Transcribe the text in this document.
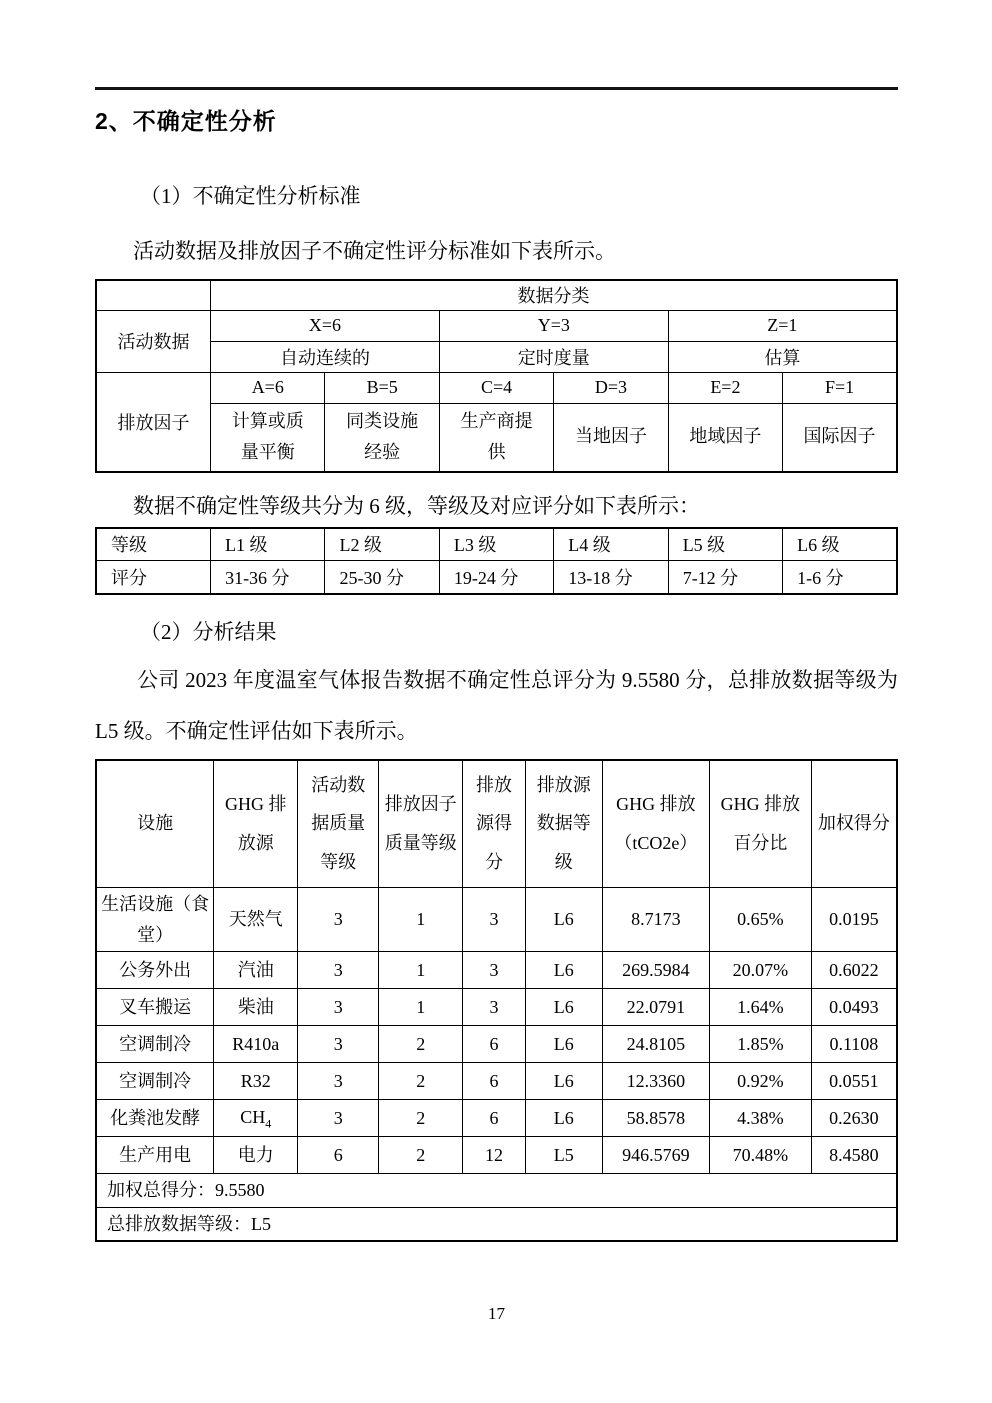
2、不确定性分析
（1）不确定性分析标准
活动数据及排放因子不确定性评分标准如下表所示。
	数据分类					
活动数据	X=6		Y=3		Z=1	
	自动连续的		定时度量		估算	
排放因子	A=6	B=5	C=4	D=3	E=2	F=1
	计算或质量平衡	同类设施经验	生产商提供	当地因子	地域因子	国际因子
数据不确定性等级共分为 6 级，等级及对应评分如下表所示：
等级	L1 级	L2 级	L3 级	L4 级	L5 级	L6 级
评分	31-36 分	25-30 分	19-24 分	13-18 分	7-12 分	1-6 分
（2）分析结果
公司 2023 年度温室气体报告数据不确定性总评分为 9.5580 分，总排放数据等级为 L5 级。不确定性评估如下表所示。
设施	GHG 排放源	活动数据质量等级	排放因子质量等级	排放源得分	排放源数据等级	GHG 排放（tCO2e）	GHG 排放百分比	加权得分
生活设施（食堂）	天然气	3	1	3	L6	8.7173	0.65%	0.0195
公务外出	汽油	3	1	3	L6	269.5984	20.07%	0.6022
叉车搬运	柴油	3	1	3	L6	22.0791	1.64%	0.0493
空调制冷	R410a	3	2	6	L6	24.8105	1.85%	0.1108
空调制冷	R32	3	2	6	L6	12.3360	0.92%	0.0551
化粪池发酵	$CH_4$	3	2	6	L6	58.8578	4.38%	0.2630
生产用电	电力	6	2	12	L5	946.5769	70.48%	8.4580
加权总得分：9.5580								
总排放数据等级：L5								
17
